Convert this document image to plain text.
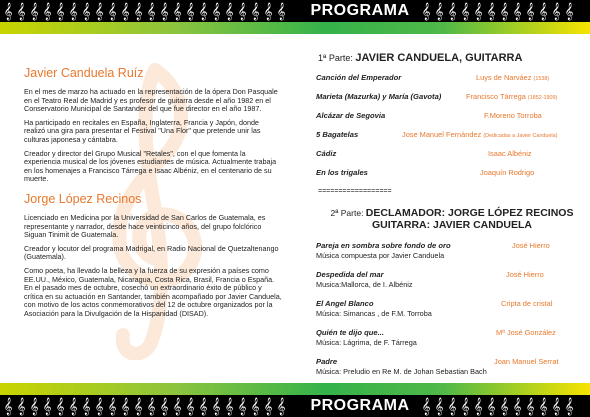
𝄞 𝄞 𝄞 𝄞 𝄞 𝄞 𝄞 𝄞 𝄞 𝄞 𝄞 𝄞 𝄞 𝄞 𝄞 𝄞 𝄞 𝄞 𝄞 𝄞 𝄞 𝄞	PROGRAMA 𝄞 𝄞 𝄞 𝄞 𝄞 𝄞 𝄞 𝄞 𝄞 𝄞 𝄞 𝄞
Javier Canduela Ruíz

En el mes de marzo ha actuado en la representación de la ópera Don Pasquale en el Teatro Real de Madrid y es profesor de guitarra desde el año 1982 en el Conservatorio Municipal de Santander del que fue director en el año 1987.

Ha participado en recitales en España, Inglaterra, Francia y Japón, donde realizó una gira para presentar el Festival "Una Flor" que pretende unir las culturas japonesa y cántabra.

Creador y director del Grupo Musical "Retales", con el que fomenta la experiencia musical de los jóvenes estudiantes de música. Actualmente trabaja en los homenajes a Francisco Tárrega e Isaac Albéniz, en el centenario de su muerte.

Jorge López Recinos

Licenciado en Medicina por la Universidad de San Carlos de Guatemala, es representante y narrador, desde hace veinticinco años, del grupo folclórico Siguan Tinimit de Guatemala.

Creador y locutor del programa Madrigal, en Radio Nacional de Quetzaltenango (Guatemala).

Como poeta, ha llevado la belleza y la fuerza de su expresión a países como EE.UU., México, Guatemala, Nicaragua, Costa Rica, Brasil, Francia o España. En el pasado mes de octubre, cosechó un extraordinario éxito de público y crítica en su actuación en Santander, también acompañado por Javier Canduela, con motivo de los actos conmemorativos del 12 de octubre organizados por la Asociación para la Divulgación de la Hispanidad (DISAD).

1ª Parte: JAVIER CANDUELA, GUITARRA
Canción del Emperador	Luys de Narváez (1538)
Marieta (Mazurka) y María (Gavota)	Francisco Tárrega (1852-1909)
Alcázar de Segovia	F.Moreno Torroba
5 Bagatelas	Jose Manuel Fernández (Dedicadas a Javier Canduela)
Cádiz	Isaac Albéniz
En los trigales	Joaquín Rodrigo
==================
2ª Parte: DECLAMADOR: JORGE LÓPEZ RECINOS
GUITARRA: JAVIER CANDUELA
Pareja en sombra sobre fondo de oro	José Hierro
Música compuesta por Javier Canduela
Despedida del mar	José Hierro
Musica:Mallorca, de I. Albéniz
El Angel Blanco	Cripta de cristal
Música: Simancas , de F.M. Torroba
Quién te dijo que...	Mª José González
Música: Lágrima, de F. Tárrega
Padre	Joan Manuel Serrat
Música: Preludio en Re M. de Johan Sebastian Bach
𝄞 𝄞 𝄞 𝄞 𝄞 𝄞 𝄞 𝄞 𝄞 𝄞 𝄞 𝄞 𝄞 𝄞 𝄞 𝄞 𝄞 𝄞 𝄞 𝄞 𝄞 𝄞	PROGRAMA 𝄞 𝄞 𝄞 𝄞 𝄞 𝄞 𝄞 𝄞 𝄞 𝄞 𝄞 𝄞
